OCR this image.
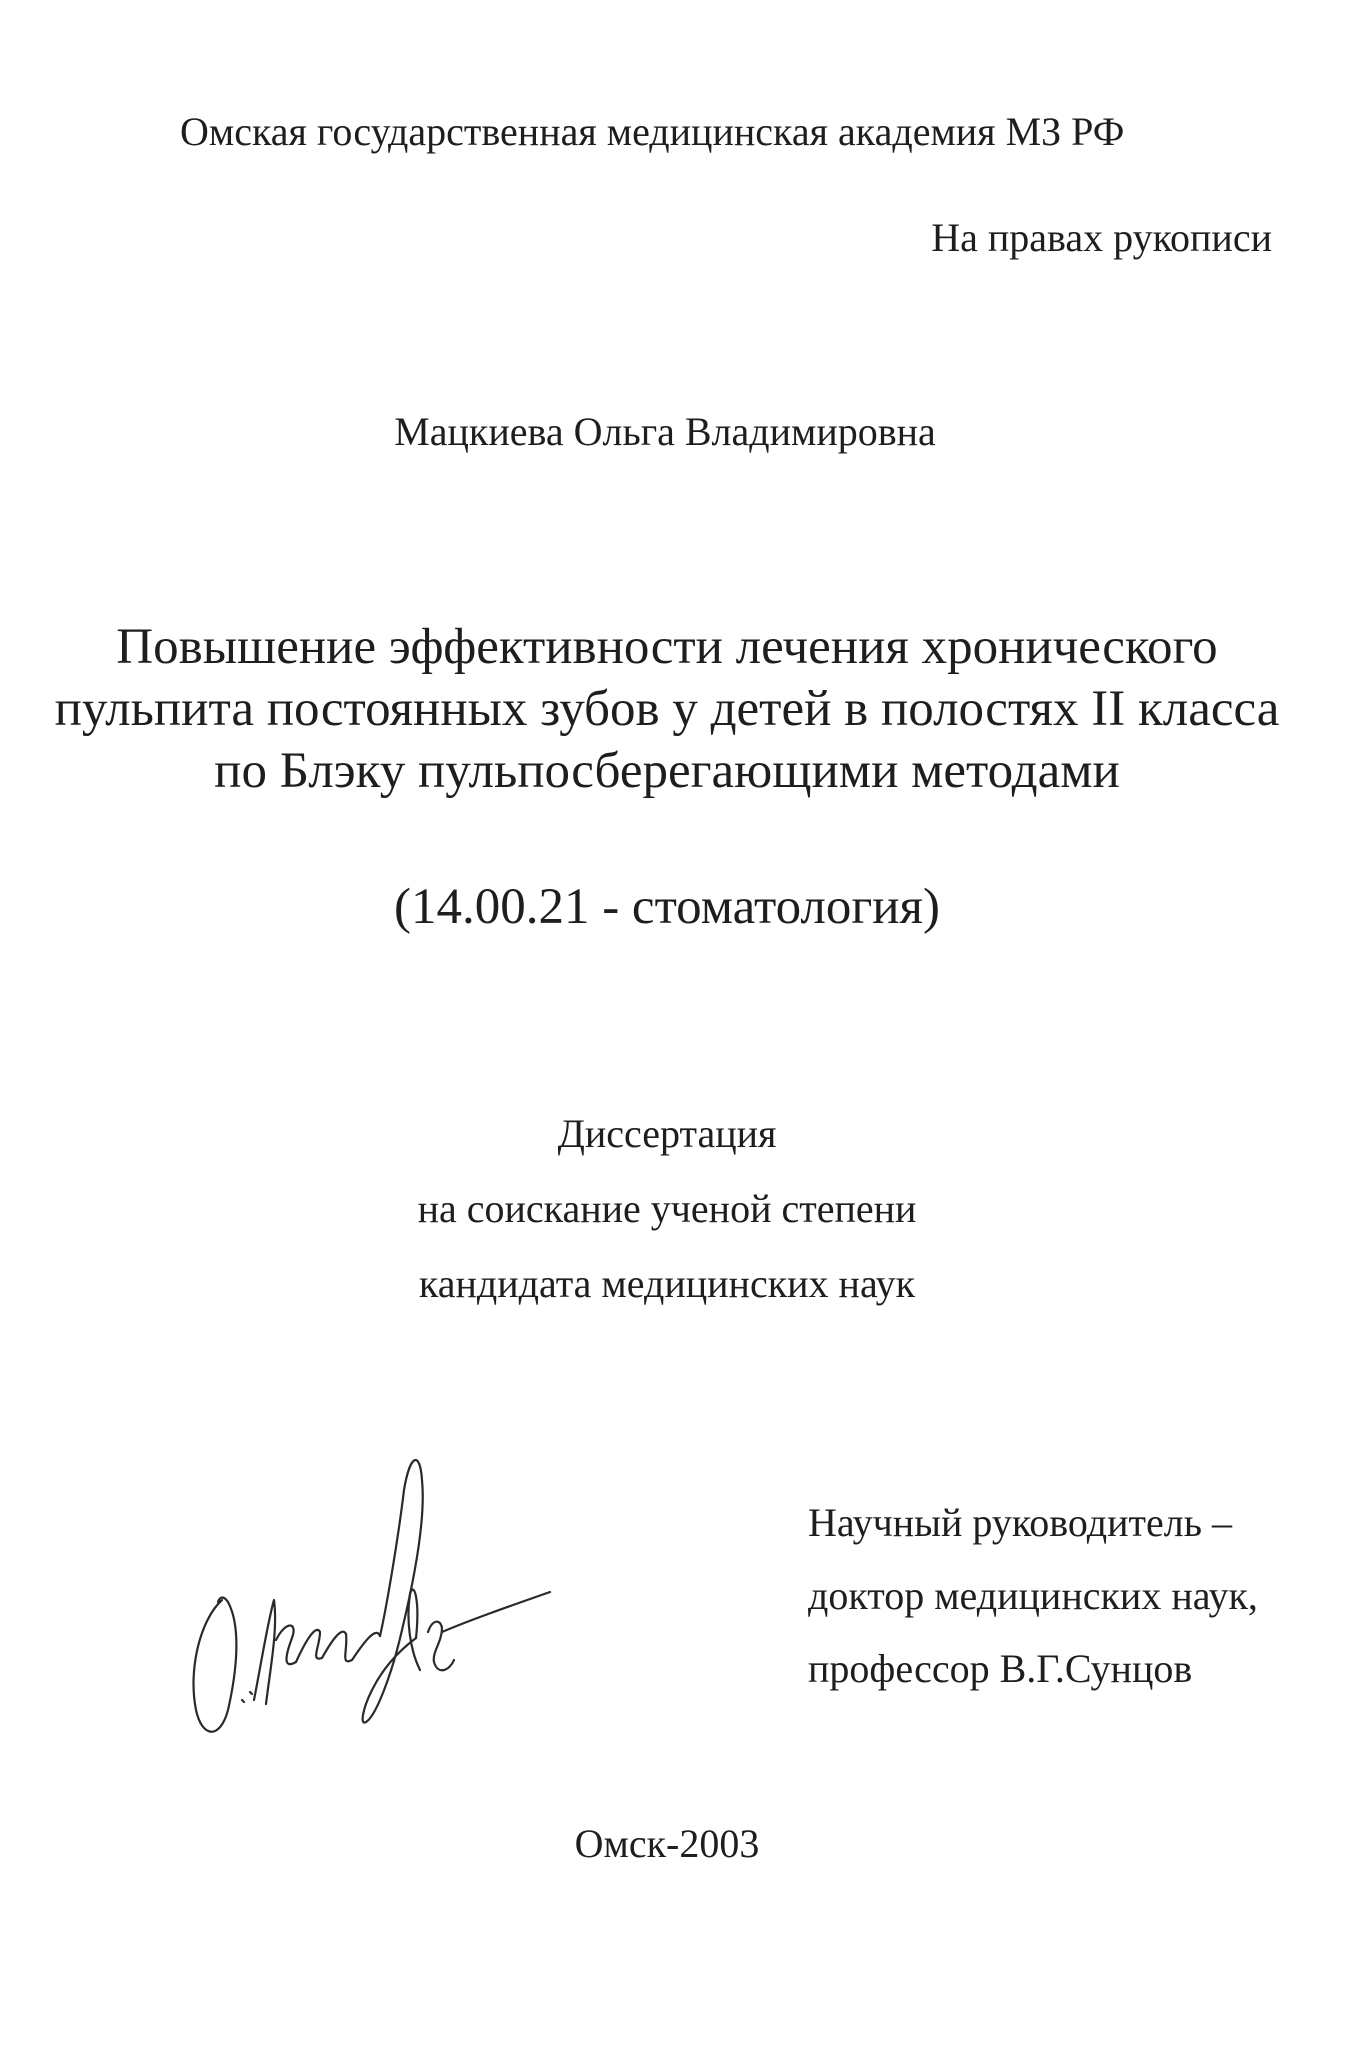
Омская государственная медицинская академия МЗ РФ
На правах рукописи
Мацкиева Ольга Владимировна
Повышение эффективности лечения хронического
пульпита постоянных зубов у детей в полостях II класса
по Блэку пульпосберегающими методами
(14.00.21 - стоматология)
Диссертация
на соискание ученой степени
кандидата медицинских наук
Научный руководитель –
доктор медицинских наук,
профессор В.Г.Сунцов
Омск-2003
